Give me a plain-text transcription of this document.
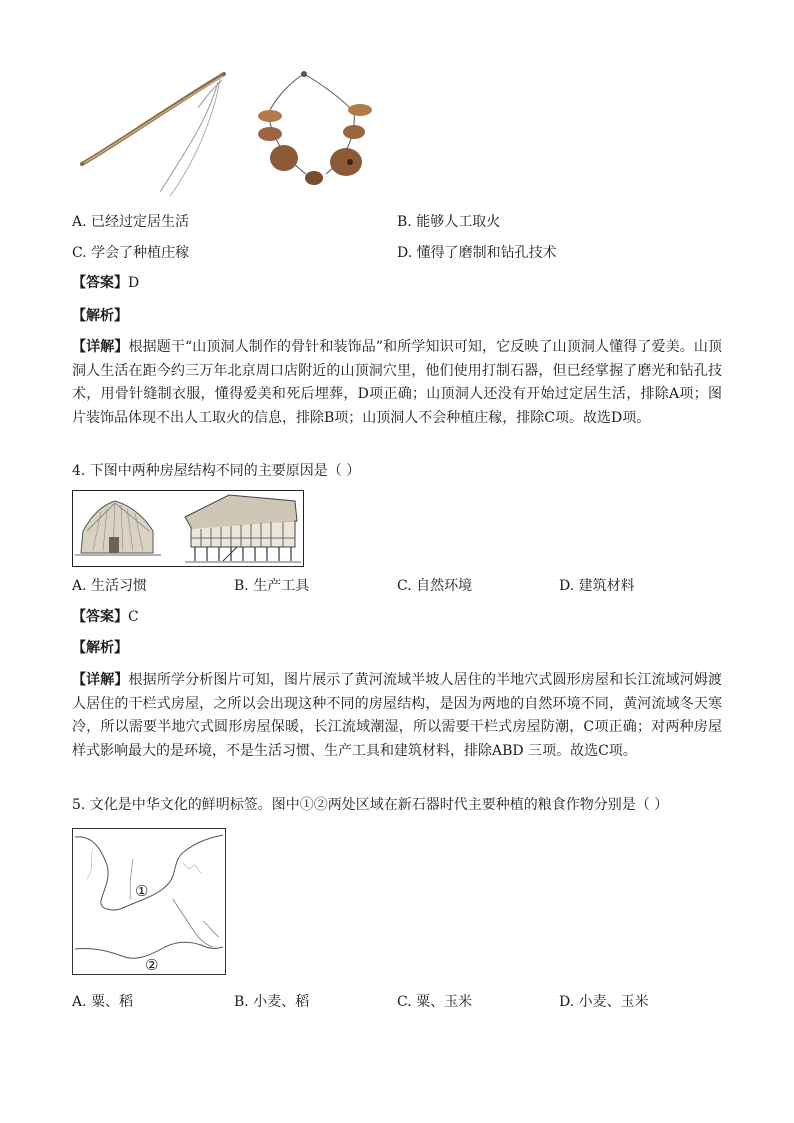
A. 已经过定居生活	B. 能够人工取火
C. 学会了种植庄稼	D. 懂得了磨制和钻孔技术
【答案】D
【解析】
【详解】根据题干“山顶洞人制作的骨针和装饰品”和所学知识可知，它反映了山顶洞人懂得了爱美。山顶洞人生活在距今约三万年北京周口店附近的山顶洞穴里，他们使用打制石器，但已经掌握了磨光和钻孔技术，用骨针缝制衣服，懂得爱美和死后埋葬，D项正确；山顶洞人还没有开始过定居生活，排除A项；图片装饰品体现不出人工取火的信息，排除B项；山顶洞人不会种植庄稼，排除C项。故选D项。
4. 下图中两种房屋结构不同的主要原因是（ ）
A. 生活习惯	B. 生产工具	C. 自然环境	D. 建筑材料
【答案】C
【解析】
【详解】根据所学分析图片可知，图片展示了黄河流域半坡人居住的半地穴式圆形房屋和长江流域河姆渡人居住的干栏式房屋，之所以会出现这种不同的房屋结构，是因为两地的自然环境不同，黄河流域冬天寒冷，所以需要半地穴式圆形房屋保暖，长江流域潮湿，所以需要干栏式房屋防潮，C项正确；对两种房屋样式影响最大的是环境，不是生活习惯、生产工具和建筑材料，排除ABD 三项。故选C项。
5. 文化是中华文化的鲜明标签。图中①②两处区域在新石器时代主要种植的粮食作物分别是（ ）
①
②
A. 粟、稻	B. 小麦、稻	C. 粟、玉米	D. 小麦、玉米
